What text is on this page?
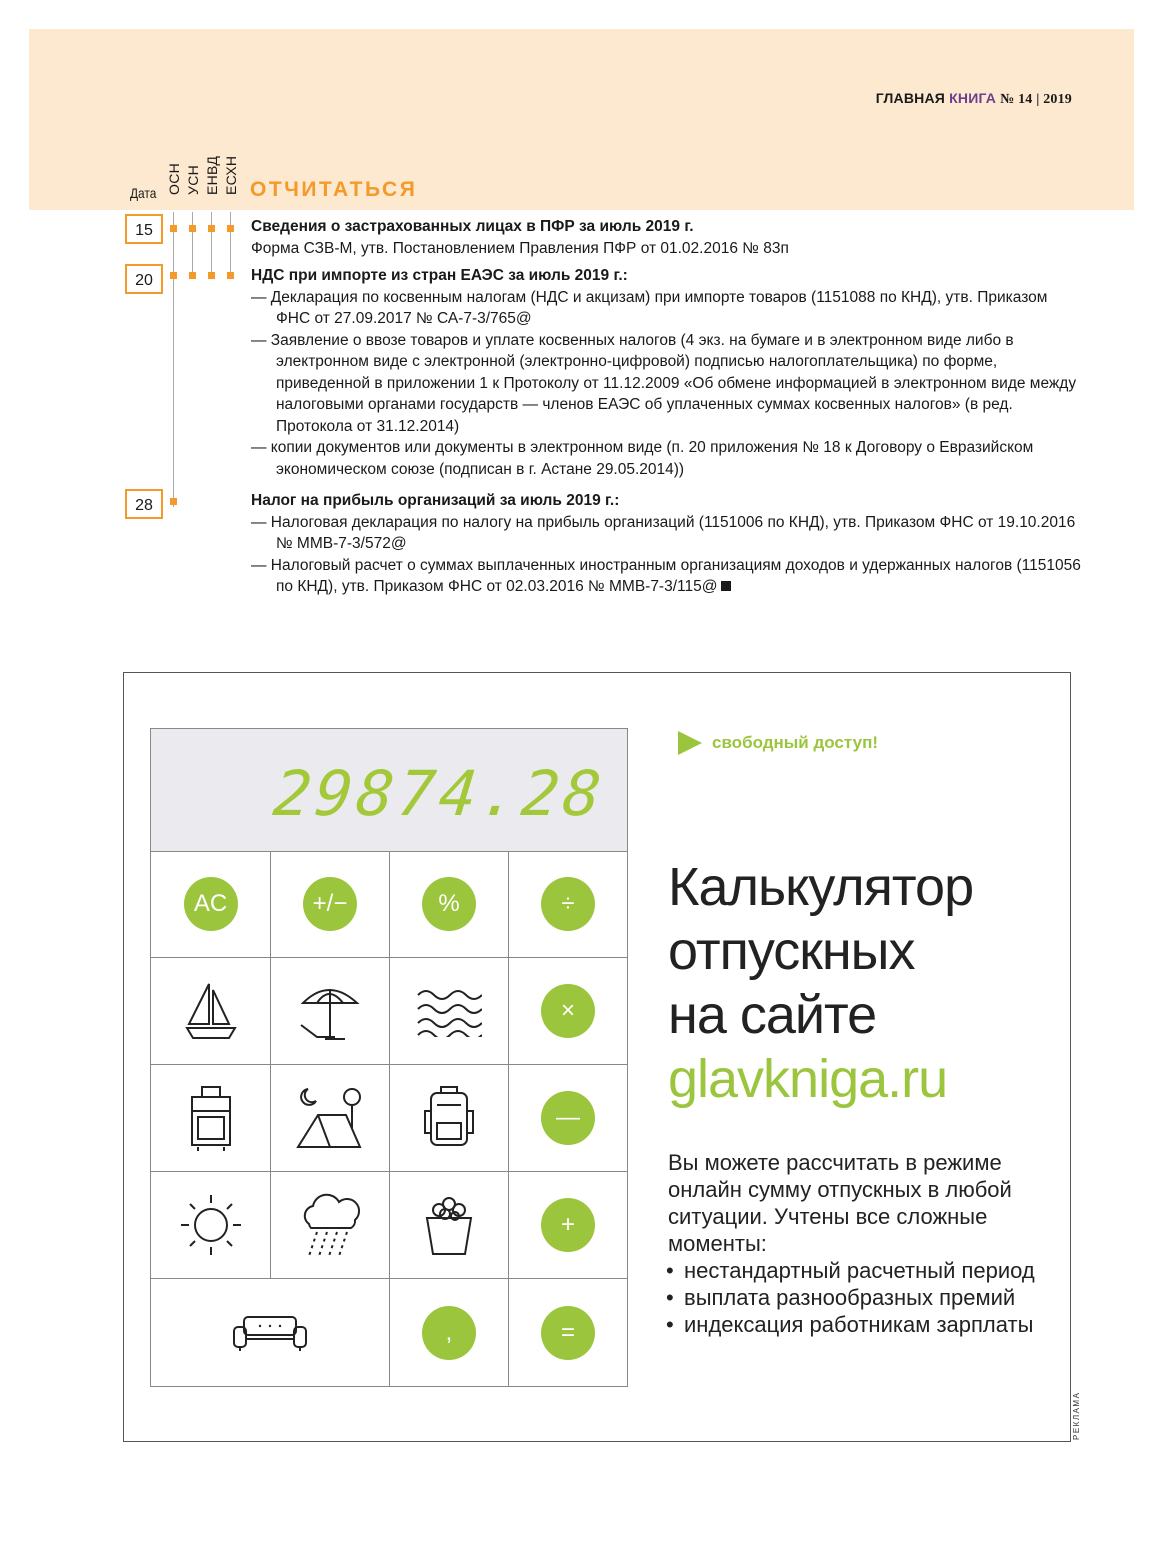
ГЛАВНАЯ КНИГА № 14 | 2019
Дата ОСН УСН ЕНВД ЕСХН ОТЧИТАТЬСЯ
15	Сведения о застрахованных лицах в ПФР за июль 2019 г.

Форма СЗВ-М, утв. Постановлением Правления ПФР от 01.02.2016 № 83п

20	НДС при импорте из стран ЕАЭС за июль 2019 г.:

— Декларация по косвенным налогам (НДС и акцизам) при импорте товаров (1151088 по КНД), утв. Приказом ФНС от 27.09.2017 № СА-7-3/765@

— Заявление о ввозе товаров и уплате косвенных налогов (4 экз. на бумаге и в электронном виде либо в электронном виде с электронной (электронно-цифровой) подписью налогоплательщика) по форме, приведенной в приложении 1 к Протоколу от 11.12.2009 «Об обмене информацией в электронном виде между налоговыми органами государств — членов ЕАЭС об уплаченных суммах косвенных налогов» (в ред. Протокола от 31.12.2014)

— копии документов или документы в электронном виде (п. 20 приложения № 18 к Договору о Евразийском экономическом союзе (подписан в г. Астане 29.05.2014))

28	Налог на прибыль организаций за июль 2019 г.:

— Налоговая декларация по налогу на прибыль организаций (1151006 по КНД), утв. Приказом ФНС от 19.10.2016 № ММВ-7-3/572@

— Налоговый расчет о суммах выплаченных иностранным организациям доходов и удержанных налогов (1151056 по КНД), утв. Приказом ФНС от 02.03.2016 № ММВ-7-3/115@

29874.28
AC	+/−	%	÷
×
—
+
,	=
свободный доступ!
Калькулятор
отпускных
на сайте
glavkniga.ru
Вы можете рассчитать в режиме онлайн сумму отпускных в любой ситуации. Учтены все сложные моменты:
• нестандартный расчетный период
• выплата разнообразных премий
• индексация работникам зарплаты
РЕКЛАМА
